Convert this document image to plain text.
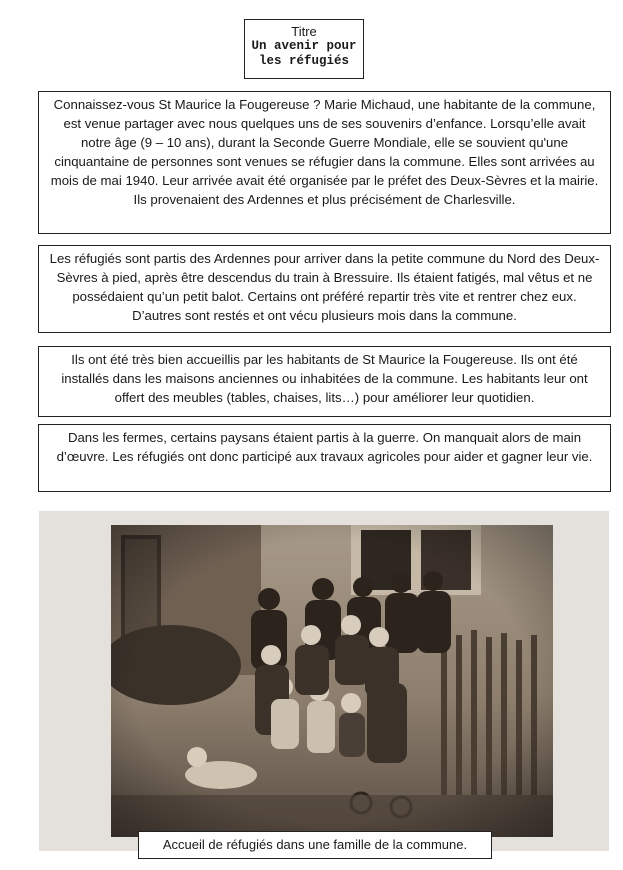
Titre
Un avenir pour les réfugiés
Connaissez-vous St Maurice la Fougereuse ? Marie Michaud, une habitante de la commune, est venue partager avec nous quelques uns de ses souvenirs d’enfance. Lorsqu’elle avait notre âge (9 – 10 ans), durant la Seconde Guerre Mondiale, elle se souvient qu'une cinquantaine de personnes sont venues se réfugier dans la commune. Elles sont arrivées au mois de mai 1940. Leur arrivée avait été organisée par le préfet des Deux-Sèvres et la mairie. Ils provenaient des Ardennes et plus précisément de Charlesville.
Les réfugiés sont partis des Ardennes pour arriver dans la petite commune du Nord des Deux-Sèvres à pied, après être descendus du train à Bressuire. Ils étaient fatigés, mal vêtus et ne possédaient qu’un petit balot. Certains ont préféré repartir très vite et rentrer chez eux. D’autres sont restés et ont vécu plusieurs mois dans la commune.
Ils ont été très bien accueillis par les habitants de St Maurice la Fougereuse. Ils ont été installés dans les maisons anciennes ou inhabitées de la commune. Les habitants leur ont offert des meubles (tables, chaises, lits…) pour améliorer leur quotidien.
Dans les fermes, certains paysans étaient partis à la guerre. On manquait alors de main d’œuvre. Les réfugiés ont donc participé aux travaux agricoles pour aider et gagner leur vie.
Accueil de réfugiés dans une famille de la commune.
